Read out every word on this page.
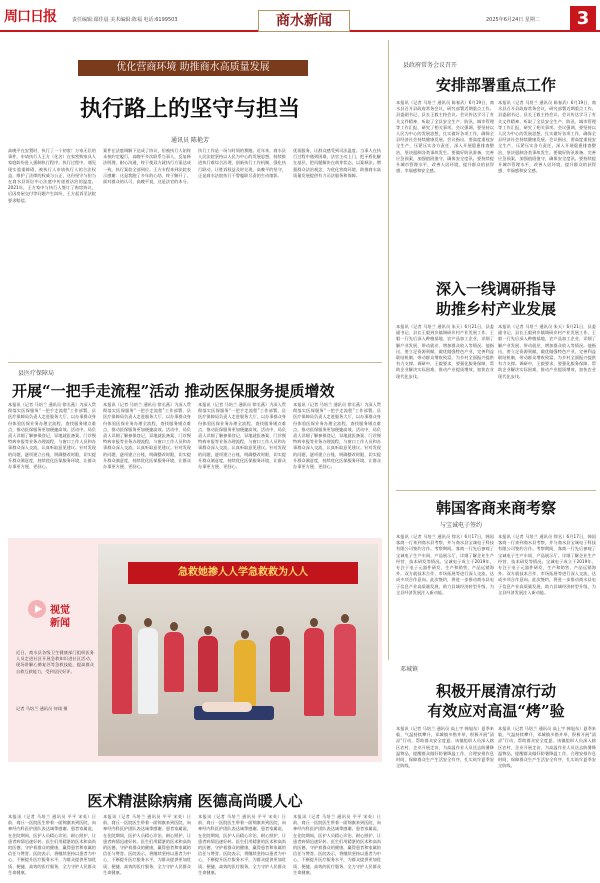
周口日报	责任编辑:鄢佳晨 美术编辑:陈福 电话:6199503	商水新闻	2025年6月24日 星期二	3
优化营商环境 助推商水高质量发展
执行路上的坚守与担当
通讯员 陈艳芳
高晚平在安置时，执行了一个初衷！万家无讼的事件，申请执行人王方（化名）在家营购家具人家庭纠纷进入强制执行程序。执行过程中，遇见现实重重障碍，被执行人申请执行人的合法权益，维护了法律的权威与公正，这份坚守与担当在商水县诉讼中心法庭中传递着法治的温度。2021年，王方家中与执行人签订了购房协议，后因房屋交付等问题产生纠纷，王方起诉至法院要求赔偿。
案件在法庭调解下达成了协议，但被执行人始终未按约定履行，高晚平多次联系当事人，反复释法明理，耐心沟通，终于使双方就执行方案达成一致，执行案款全部到位。王方专程来到法院表示感谢：这是我跑了多年的心结，终于解开了。面对群众的认可，高晚平说，这是法官的本分。
执行工作是一场与时间的赛跑。近年来，商水县人民法院坚持以人民为中心的发展思想，持续推进执行难综合治理，创新执行工作机制，强化执行联动，让胜诉权益及时兑现，高晚平的坚守，正是商水法院执行干警履职尽责的生动缩影。
优质服务，让群众感受到司法温度。当事人在执行过程中遇到困难，法官主动上门，把矛盾化解在基层，把问题解决在萌芽状态，以案释法，增强群众法治观念，为优化营商环境、助推商水高质量发展提供有力司法服务和保障。
县政府常务会议召开
安排部署重点工作
本报讯（记者 马培兰 通讯员 陈春武）6月19日，商水县召开县政府常务会议，研究部署近期重点工作。县委副书记、县长王毅主持会议。会议传达学习了有关文件精神，听取了全县安全生产、防汛、城市管理等工作汇报，研究了相关事项。会议强调，要坚持以人民为中心的发展思想，扎实做好各项工作，确保全县经济社会持续健康发展。会议指出，要高度重视安全生产，压紧压实各方责任，深入开展隐患排查整治，坚决遏制各类事故发生。要做好防汛准备，完善应急预案，加强值班值守，确保安全度汛。要持续提升城市管理水平，改善人居环境，提升群众的获得感、幸福感和安全感。
本报讯（记者 马培兰 通讯员 陈春武）6月19日，商水县召开县政府常务会议，研究部署近期重点工作。县委副书记、县长王毅主持会议。会议传达学习了有关文件精神，听取了全县安全生产、防汛、城市管理等工作汇报，研究了相关事项。会议强调，要坚持以人民为中心的发展思想，扎实做好各项工作，确保全县经济社会持续健康发展。会议指出，要高度重视安全生产，压紧压实各方责任，深入开展隐患排查整治，坚决遏制各类事故发生。要做好防汛准备，完善应急预案，加强值班值守，确保安全度汛。要持续提升城市管理水平，改善人居环境，提升群众的获得感、幸福感和安全感。
深入一线调研指导
助推乡村产业发展
本报讯（记者 马培兰 通讯员 朱天）6月21日，县委副书记、县长王毅到乡镇调研乡村产业发展工作。王毅一行先后深入种植基地、农产品加工企业，详细了解产业发展、带动就业、增加群众收入等情况。他指出，要立足资源禀赋，做优做强特色产业，完善利益联结机制，带动群众增收致富，为乡村全面振兴提供有力支撑。调研中，王毅要求，要强化服务保障，帮助企业解决实际困难，推动产业提质增效，加快农业现代化步伐。
本报讯（记者 马培兰 通讯员 朱天）6月21日，县委副书记、县长王毅到乡镇调研乡村产业发展工作。王毅一行先后深入种植基地、农产品加工企业，详细了解产业发展、带动就业、增加群众收入等情况。他指出，要立足资源禀赋，做优做强特色产业，完善利益联结机制，带动群众增收致富，为乡村全面振兴提供有力支撑。调研中，王毅要求，要强化服务保障，帮助企业解决实际困难，推动产业提质增效，加快农业现代化步伐。
县医疗保障局
开展“一把手走流程”活动 推动医保服务提质增效
本报讯（记者 马培兰 通讯员 徐丞燕）为深入贯彻落实医保服务“一把手走流程”工作部署，县医疗保障局负责人走进服务大厅，以办事群众身份体验医保业务办理全流程，查找服务堵点难点，推动医保服务更加便捷高效。活动中，局负责人详细了解参保登记、异地就医备案、门诊慢特病申报等业务办理流程，与窗口工作人员和办事群众深入交流，认真听取意见建议。针对发现的问题，逐项建立台账，明确整改时限，切实提升群众满意度，持续优化医保服务环境，让群众办事更方便、更舒心。
本报讯（记者 马培兰 通讯员 徐丞燕）为深入贯彻落实医保服务“一把手走流程”工作部署，县医疗保障局负责人走进服务大厅，以办事群众身份体验医保业务办理全流程，查找服务堵点难点，推动医保服务更加便捷高效。活动中，局负责人详细了解参保登记、异地就医备案、门诊慢特病申报等业务办理流程，与窗口工作人员和办事群众深入交流，认真听取意见建议。针对发现的问题，逐项建立台账，明确整改时限，切实提升群众满意度，持续优化医保服务环境，让群众办事更方便、更舒心。
本报讯（记者 马培兰 通讯员 徐丞燕）为深入贯彻落实医保服务“一把手走流程”工作部署，县医疗保障局负责人走进服务大厅，以办事群众身份体验医保业务办理全流程，查找服务堵点难点，推动医保服务更加便捷高效。活动中，局负责人详细了解参保登记、异地就医备案、门诊慢特病申报等业务办理流程，与窗口工作人员和办事群众深入交流，认真听取意见建议。针对发现的问题，逐项建立台账，明确整改时限，切实提升群众满意度，持续优化医保服务环境，让群众办事更方便、更舒心。
本报讯（记者 马培兰 通讯员 徐丞燕）为深入贯彻落实医保服务“一把手走流程”工作部署，县医疗保障局负责人走进服务大厅，以办事群众身份体验医保业务办理全流程，查找服务堵点难点，推动医保服务更加便捷高效。活动中，局负责人详细了解参保登记、异地就医备案、门诊慢特病申报等业务办理流程，与窗口工作人员和办事群众深入交流，认真听取意见建议。针对发现的问题，逐项建立台账，明确整改时限，切实提升群众满意度，持续优化医保服务环境，让群众办事更方便、更舒心。
视觉
新闻
近日，商水县各级卫生健康部门组织医务人员走进社区开展急救知识进社区活动，现场讲解心肺复苏等急救技能，提高群众自救互救能力，受到居民好评。
记者 马培兰 通讯员 何翊 摄
急救她掺人人学急救救为人人
韩国客商来商考察
与宝诚电子签约
本报讯（记者 马培兰 通讯员 徐丞）6月17日，韩国客商一行来到商水县考察，并与商水县宝诚电子科技有限公司签约合作。考察期间，客商一行先后参观了宝诚电子生产车间、产品展示厅，详细了解企业生产经营、技术研发等情况。宝诚电子成立于2019年，专注于电子元器件研发、生产和销售，产品远销海外。双方就技术合作、市场拓展等进行深入交流，达成多项合作意向。此次签约，将进一步推动商水县电子信息产业高质量发展，助力县域经济转型升级，为全县经济发展注入新动能。
本报讯（记者 马培兰 通讯员 徐丞）6月17日，韩国客商一行来到商水县考察，并与商水县宝诚电子科技有限公司签约合作。考察期间，客商一行先后参观了宝诚电子生产车间、产品展示厅，详细了解企业生产经营、技术研发等情况。宝诚电子成立于2019年，专注于电子元器件研发、生产和销售，产品远销海外。双方就技术合作、市场拓展等进行深入交流，达成多项合作意向。此次签约，将进一步推动商水县电子信息产业高质量发展，助力县域经济转型升级，为全县经济发展注入新动能。
邓城镇
积极开展清凉行动
有效应对高温“烤”验
本报讯（记者 马培兰 通讯员 高上宇 韩旭东）夏季来临，气温持续攀升，邓城镇多措并举，积极开展“清凉”行动，帮助群众安全度夏。该镇组织人员深入辖区农村、企业开展走访，为高温作业人员送去防暑降温物品，提醒群众做好防暑降温工作，合理安排作息时间，保障群众生产生活安全有序，扎实筑牢夏季安全防线。
本报讯（记者 马培兰 通讯员 高上宇 韩旭东）夏季来临，气温持续攀升，邓城镇多措并举，积极开展“清凉”行动，帮助群众安全度夏。该镇组织人员深入辖区农村、企业开展走访，为高温作业人员送去防暑降温物品，提醒群众做好防暑降温工作，合理安排作息时间，保障群众生产生活安全有序，扎实筑牢夏季安全防线。
医术精湛除病痛 医德高尚暖人心
本报讯（记者 马培兰 通讯员 平平 宋英）日前，商丘一医院医生带着一面锦旗来到医院，向神经内科医护团队表达诚挚感谢。患者家属说，在住院期间，医护人员精心诊治、耐心照护，让患者病情迅速好转。医生们用精湛的医术和高尚的医德，守护着群众的健康，赢得患者和家属的信任与赞誉。医院表示，将继续坚持以患者为中心，不断提升医疗服务水平，为群众提供更加优质、便捷、高效的医疗服务，全力守护人民群众生命健康。
本报讯（记者 马培兰 通讯员 平平 宋英）日前，商丘一医院医生带着一面锦旗来到医院，向神经内科医护团队表达诚挚感谢。患者家属说，在住院期间，医护人员精心诊治、耐心照护，让患者病情迅速好转。医生们用精湛的医术和高尚的医德，守护着群众的健康，赢得患者和家属的信任与赞誉。医院表示，将继续坚持以患者为中心，不断提升医疗服务水平，为群众提供更加优质、便捷、高效的医疗服务，全力守护人民群众生命健康。
本报讯（记者 马培兰 通讯员 平平 宋英）日前，商丘一医院医生带着一面锦旗来到医院，向神经内科医护团队表达诚挚感谢。患者家属说，在住院期间，医护人员精心诊治、耐心照护，让患者病情迅速好转。医生们用精湛的医术和高尚的医德，守护着群众的健康，赢得患者和家属的信任与赞誉。医院表示，将继续坚持以患者为中心，不断提升医疗服务水平，为群众提供更加优质、便捷、高效的医疗服务，全力守护人民群众生命健康。
本报讯（记者 马培兰 通讯员 平平 宋英）日前，商丘一医院医生带着一面锦旗来到医院，向神经内科医护团队表达诚挚感谢。患者家属说，在住院期间，医护人员精心诊治、耐心照护，让患者病情迅速好转。医生们用精湛的医术和高尚的医德，守护着群众的健康，赢得患者和家属的信任与赞誉。医院表示，将继续坚持以患者为中心，不断提升医疗服务水平，为群众提供更加优质、便捷、高效的医疗服务，全力守护人民群众生命健康。
